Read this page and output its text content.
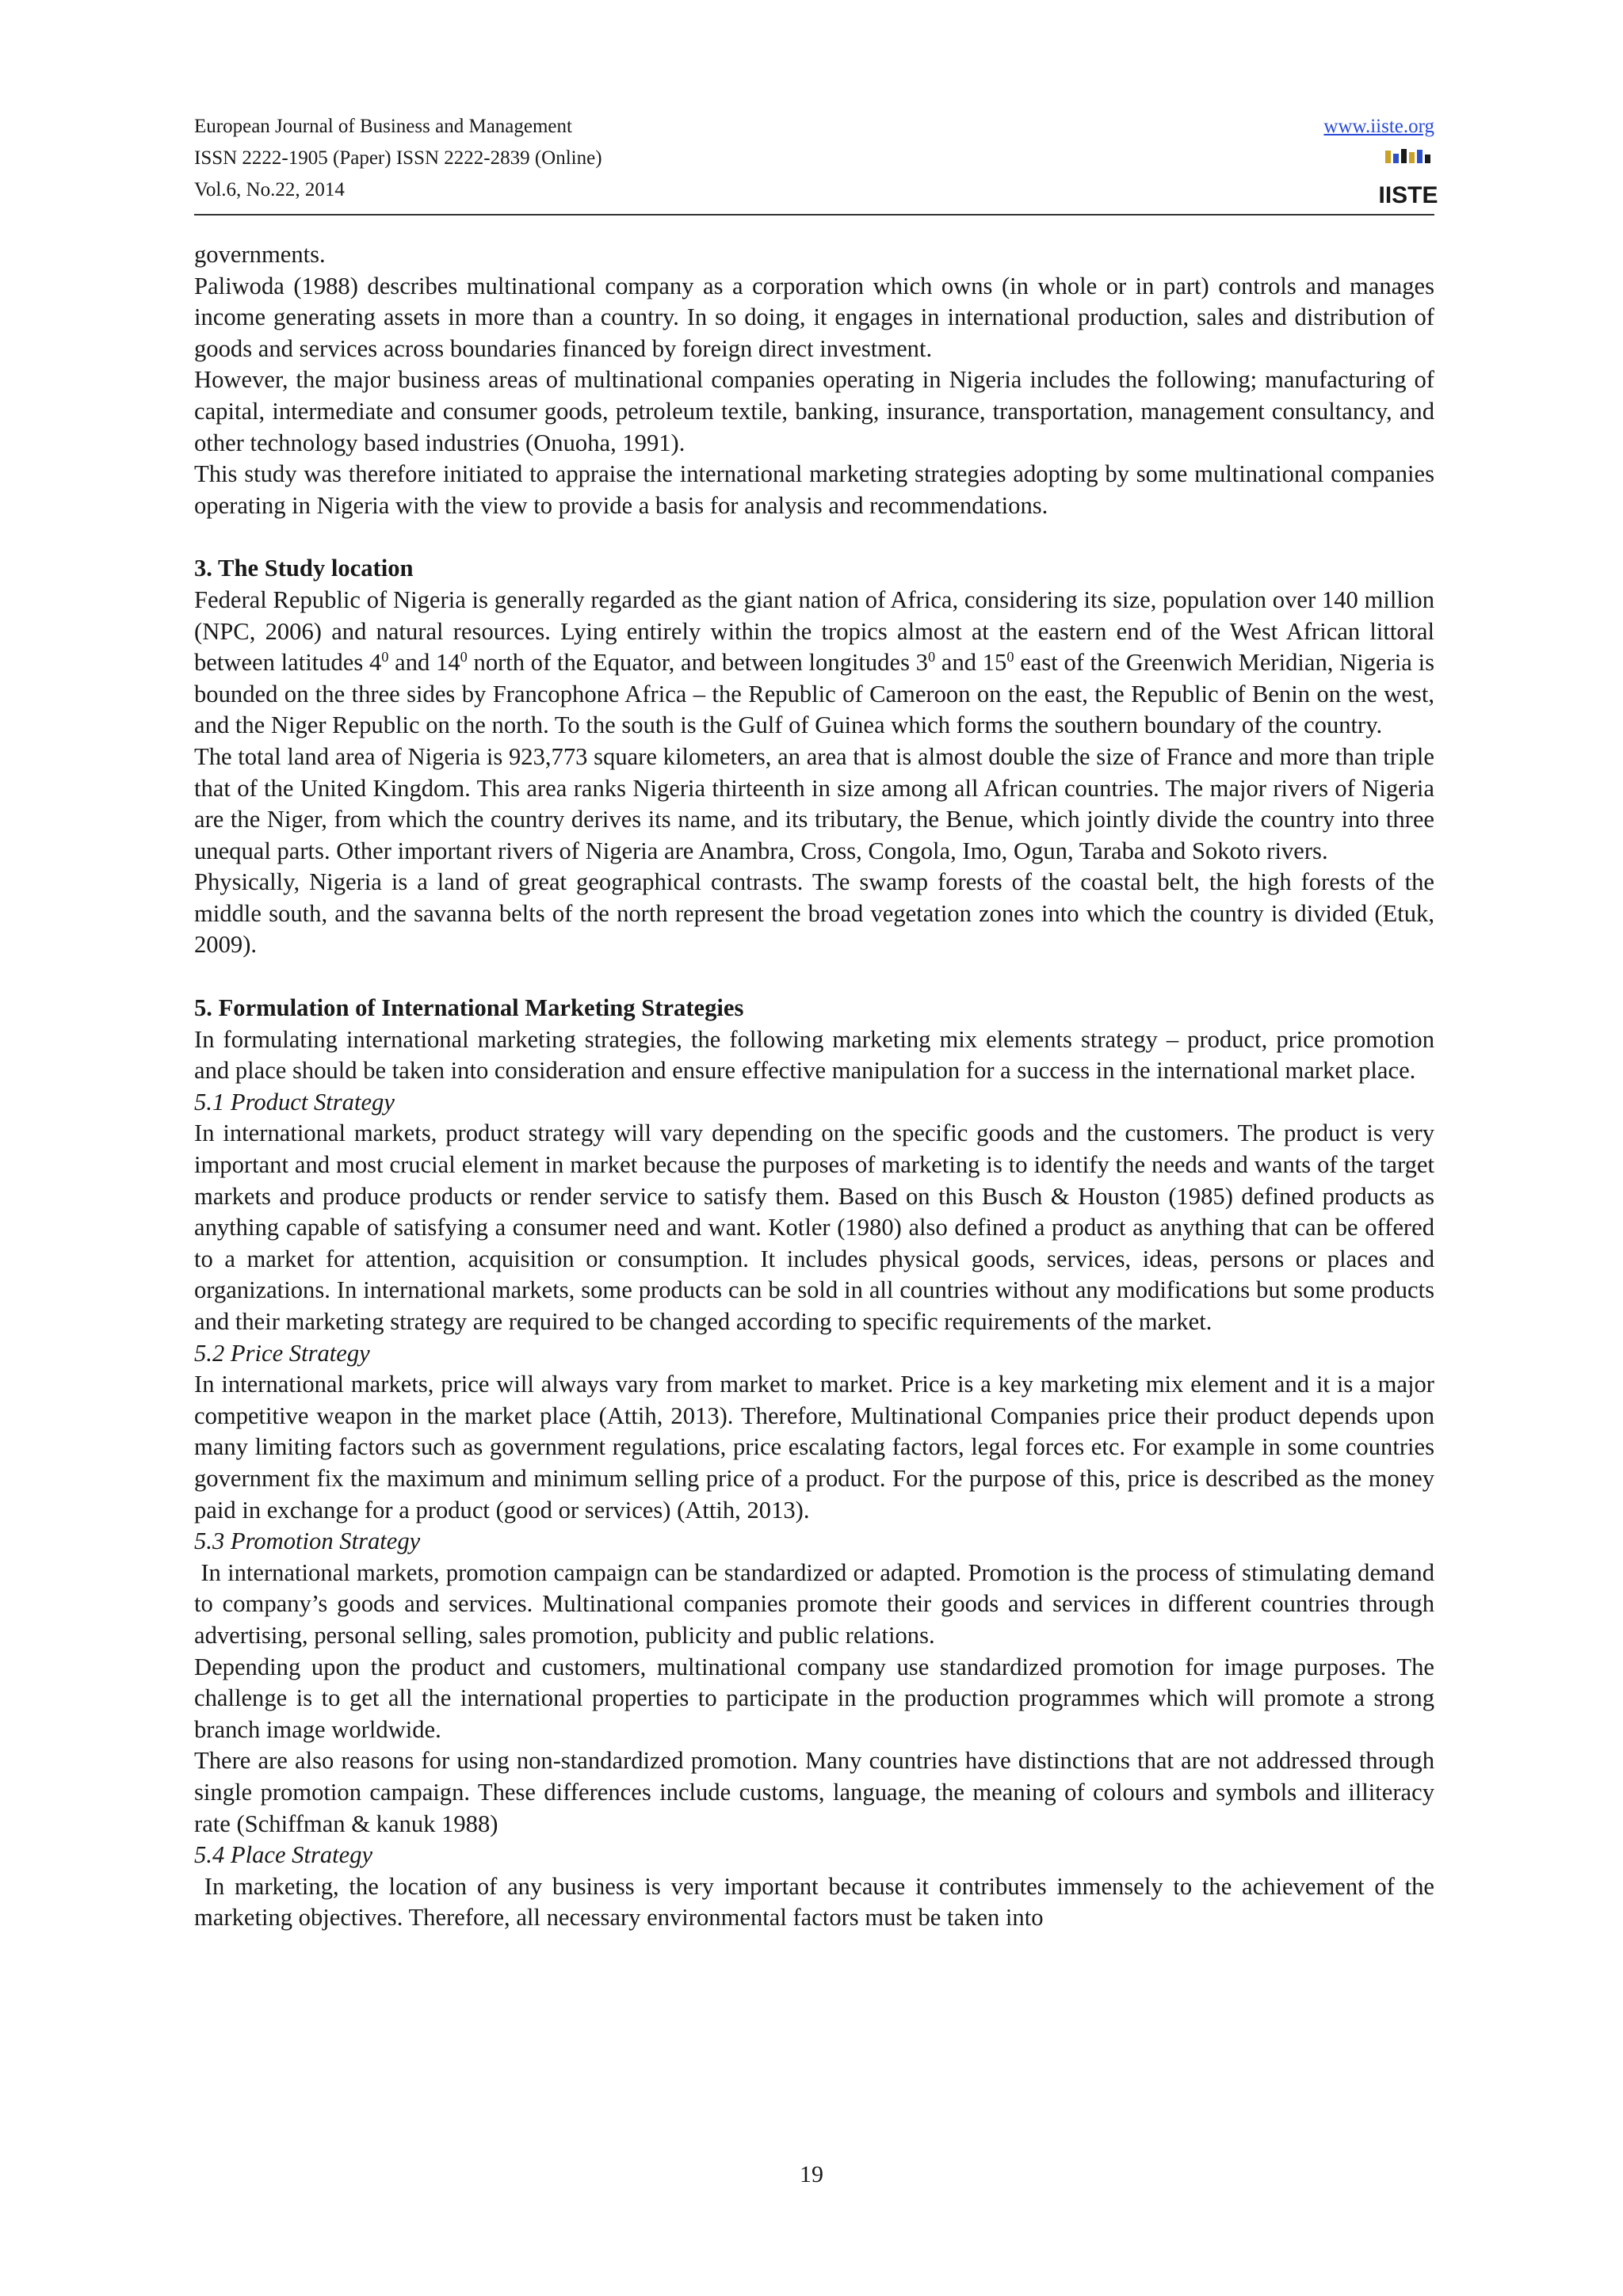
European Journal of Business and Management
ISSN 2222-1905 (Paper) ISSN 2222-2839 (Online)
Vol.6, No.22, 2014
www.iiste.org
IISTE

governments.

Paliwoda (1988) describes multinational company as a corporation which owns (in whole or in part) controls and manages income generating assets in more than a country. In so doing, it engages in international production, sales and distribution of goods and services across boundaries financed by foreign direct investment.

However, the major business areas of multinational companies operating in Nigeria includes the following; manufacturing of capital, intermediate and consumer goods, petroleum textile, banking, insurance, transportation, management consultancy, and other technology based industries (Onuoha, 1991).

This study was therefore initiated to appraise the international marketing strategies adopting by some multinational companies operating in Nigeria with the view to provide a basis for analysis and recommendations.

3. The Study location

Federal Republic of Nigeria is generally regarded as the giant nation of Africa, considering its size, population over 140 million (NPC, 2006) and natural resources. Lying entirely within the tropics almost at the eastern end of the West African littoral between latitudes $4^0$ and $14^0$ north of the Equator, and between longitudes $3^0$ and $15^0$ east of the Greenwich Meridian, Nigeria is bounded on the three sides by Francophone Africa – the Republic of Cameroon on the east, the Republic of Benin on the west, and the Niger Republic on the north. To the south is the Gulf of Guinea which forms the southern boundary of the country.

The total land area of Nigeria is 923,773 square kilometers, an area that is almost double the size of France and more than triple that of the United Kingdom. This area ranks Nigeria thirteenth in size among all African countries. The major rivers of Nigeria are the Niger, from which the country derives its name, and its tributary, the Benue, which jointly divide the country into three unequal parts. Other important rivers of Nigeria are Anambra, Cross, Congola, Imo, Ogun, Taraba and Sokoto rivers.

Physically, Nigeria is a land of great geographical contrasts. The swamp forests of the coastal belt, the high forests of the middle south, and the savanna belts of the north represent the broad vegetation zones into which the country is divided (Etuk, 2009).

5. Formulation of International Marketing Strategies

In formulating international marketing strategies, the following marketing mix elements strategy – product, price promotion and place should be taken into consideration and ensure effective manipulation for a success in the international market place.

5.1 Product Strategy

In international markets, product strategy will vary depending on the specific goods and the customers. The product is very important and most crucial element in market because the purposes of marketing is to identify the needs and wants of the target markets and produce products or render service to satisfy them. Based on this Busch & Houston (1985) defined products as anything capable of satisfying a consumer need and want. Kotler (1980) also defined a product as anything that can be offered to a market for attention, acquisition or consumption. It includes physical goods, services, ideas, persons or places and organizations. In international markets, some products can be sold in all countries without any modifications but some products and their marketing strategy are required to be changed according to specific requirements of the market.

5.2 Price Strategy

In international markets, price will always vary from market to market. Price is a key marketing mix element and it is a major competitive weapon in the market place (Attih, 2013). Therefore, Multinational Companies price their product depends upon many limiting factors such as government regulations, price escalating factors, legal forces etc. For example in some countries government fix the maximum and minimum selling price of a product. For the purpose of this, price is described as the money paid in exchange for a product (good or services) (Attih, 2013).

5.3 Promotion Strategy

In international markets, promotion campaign can be standardized or adapted. Promotion is the process of stimulating demand to company’s goods and services. Multinational companies promote their goods and services in different countries through advertising, personal selling, sales promotion, publicity and public relations.

Depending upon the product and customers, multinational company use standardized promotion for image purposes. The challenge is to get all the international properties to participate in the production programmes which will promote a strong branch image worldwide.

There are also reasons for using non-standardized promotion. Many countries have distinctions that are not addressed through single promotion campaign. These differences include customs, language, the meaning of colours and symbols and illiteracy rate (Schiffman & kanuk 1988)

5.4 Place Strategy

In marketing, the location of any business is very important because it contributes immensely to the achievement of the marketing objectives. Therefore, all necessary environmental factors must be taken into

19
